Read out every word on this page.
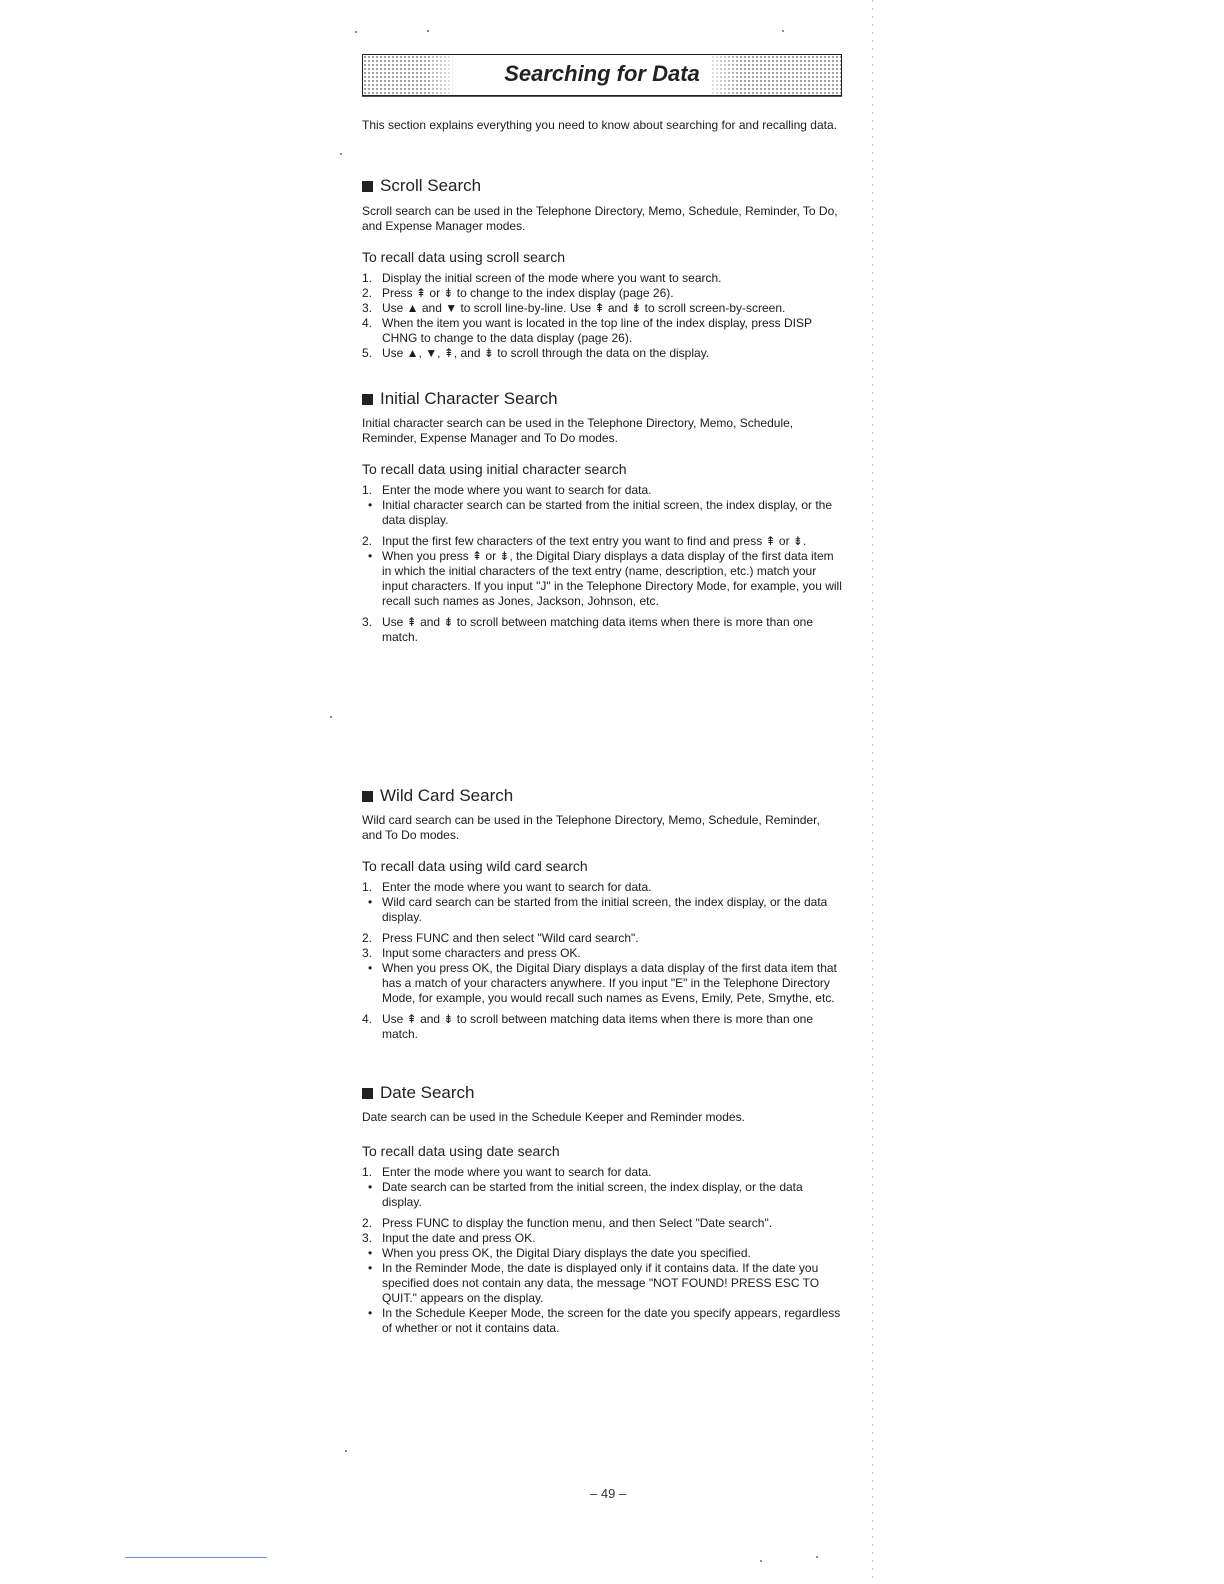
Searching for Data

This section explains everything you need to know about searching for and recalling data.

Scroll Search

Scroll search can be used in the Telephone Directory, Memo, Schedule, Reminder, To Do, and Expense Manager modes.

To recall data using scroll search
1. Display the initial screen of the mode where you want to search.
2. Press ⇞ or ⇟ to change to the index display (page 26).
3. Use ▲ and ▼ to scroll line-by-line. Use ⇞ and ⇟ to scroll screen-by-screen.
4. When the item you want is located in the top line of the index display, press DISP CHNG to change to the data display (page 26).
5. Use ▲, ▼, ⇞, and ⇟ to scroll through the data on the display.
Initial Character Search

Initial character search can be used in the Telephone Directory, Memo, Schedule, Reminder, Expense Manager and To Do modes.

To recall data using initial character search
1. Enter the mode where you want to search for data.
• Initial character search can be started from the initial screen, the index display, or the data display.
2. Input the first few characters of the text entry you want to find and press ⇞ or ⇟.
• When you press ⇞ or ⇟, the Digital Diary displays a data display of the first data item in which the initial characters of the text entry (name, description, etc.) match your input characters. If you input "J" in the Telephone Directory Mode, for example, you will recall such names as Jones, Jackson, Johnson, etc.
3. Use ⇞ and ⇟ to scroll between matching data items when there is more than one match.
Wild Card Search

Wild card search can be used in the Telephone Directory, Memo, Schedule, Reminder, and To Do modes.

To recall data using wild card search
1. Enter the mode where you want to search for data.
• Wild card search can be started from the initial screen, the index display, or the data display.
2. Press FUNC and then select "Wild card search".
3. Input some characters and press OK.
• When you press OK, the Digital Diary displays a data display of the first data item that has a match of your characters anywhere. If you input "E" in the Telephone Directory Mode, for example, you would recall such names as Evens, Emily, Pete, Smythe, etc.
4. Use ⇞ and ⇟ to scroll between matching data items when there is more than one match.
Date Search

Date search can be used in the Schedule Keeper and Reminder modes.

To recall data using date search
1. Enter the mode where you want to search for data.
• Date search can be started from the initial screen, the index display, or the data display.
2. Press FUNC to display the function menu, and then Select "Date search".
3. Input the date and press OK.
• When you press OK, the Digital Diary displays the date you specified.
• In the Reminder Mode, the date is displayed only if it contains data. If the date you specified does not contain any data, the message "NOT FOUND! PRESS ESC TO QUIT." appears on the display.
• In the Schedule Keeper Mode, the screen for the date you specify appears, regardless of whether or not it contains data.
– 49 –
